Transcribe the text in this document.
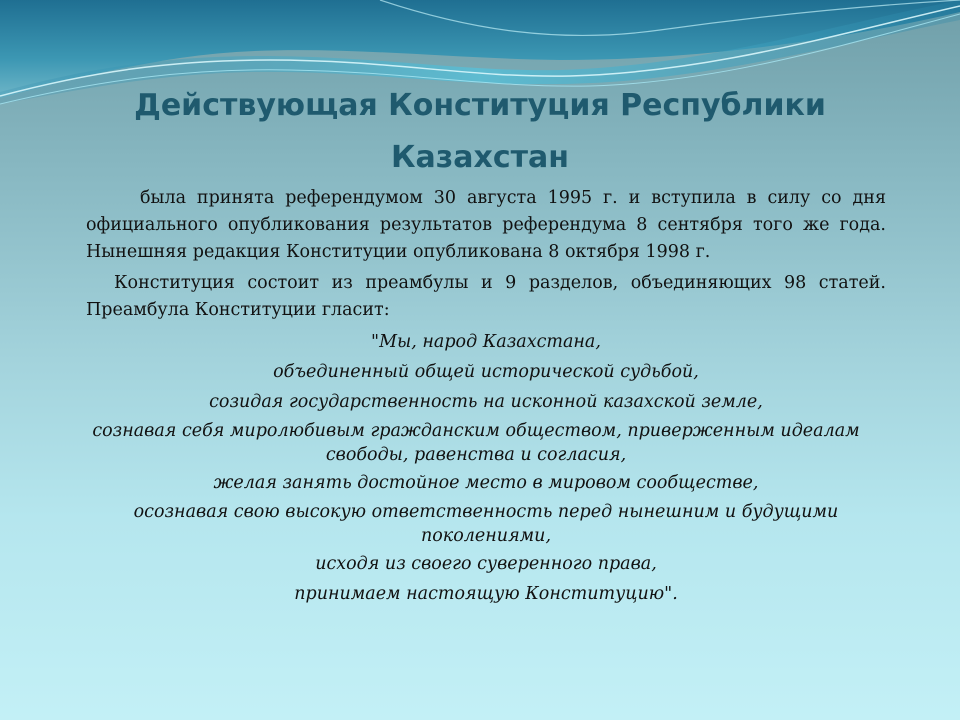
Действующая Конституция Республики
Казахстан

была принята референдумом 30 августа 1995 г. и вступила в силу со дня официального опубликования результатов референдума 8 сентября того же года. Нынешняя редакция Конституции опубликована 8 октября 1998 г.

Конституция состоит из преамбулы и 9 разделов, объединяющих 98 статей. Преамбула Конституции гласит:

"Мы, народ Казахстана,
объединенный общей исторической судьбой,
созидая государственность на исконной казахской земле,
сознавая себя миролюбивым гражданским обществом, приверженным идеалам свободы, равенства и согласия,
желая занять достойное место в мировом сообществе,
осознавая свою высокую ответственность перед нынешним и будущими поколениями,
исходя из своего суверенного права,
принимаем настоящую Конституцию".
